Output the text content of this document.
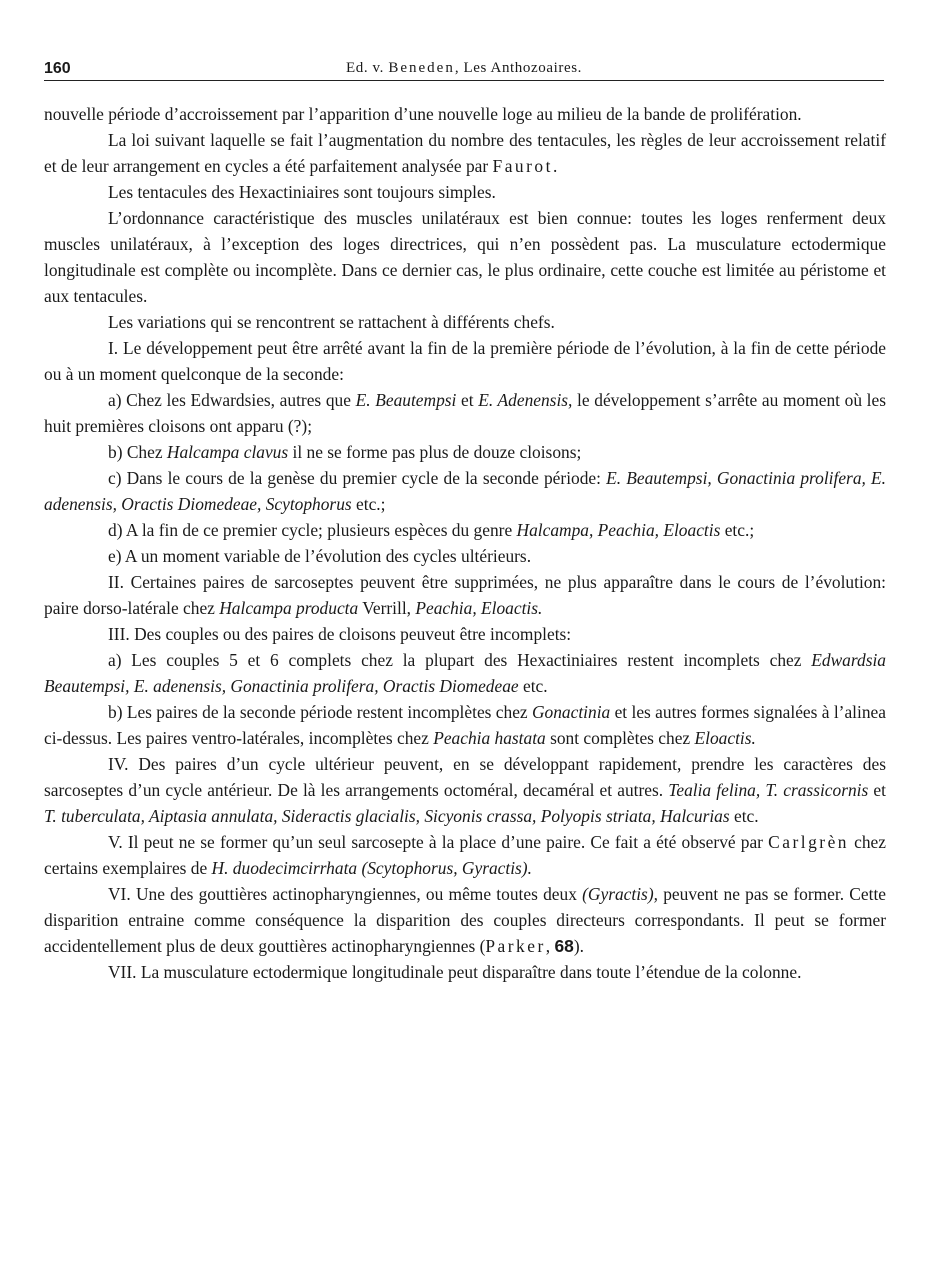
160	Ed. v. Beneden, Les Anthozoaires.

nouvelle période d’accroissement par l’apparition d’une nouvelle loge au milieu de la bande de prolifération.

La loi suivant laquelle se fait l’augmentation du nombre des tentacules, les règles de leur accroissement relatif et de leur arrangement en cycles a été parfaitement analysée par Faurot.

Les tentacules des Hexactiniaires sont toujours simples.

L’ordonnance caractéristique des muscles unilatéraux est bien connue: toutes les loges renferment deux muscles unilatéraux, à l’exception des loges directrices, qui n’en possèdent pas. La musculature ectodermique longitudinale est complète ou incomplète. Dans ce dernier cas, le plus ordinaire, cette couche est limitée au péristome et aux tentacules.

Les variations qui se rencontrent se rattachent à différents chefs.

I. Le développement peut être arrêté avant la fin de la première période de l’évolution, à la fin de cette période ou à un moment quelconque de la seconde:

a) Chez les Edwardsies, autres que E. Beautempsi et E. Adenensis, le développement s’arrête au moment où les huit premières cloisons ont apparu (?);

b) Chez Halcampa clavus il ne se forme pas plus de douze cloisons;

c) Dans le cours de la genèse du premier cycle de la seconde période: E. Beautempsi, Gonactinia prolifera, E. adenensis, Oractis Diomedeae, Scytophorus etc.;

d) A la fin de ce premier cycle; plusieurs espèces du genre Halcampa, Peachia, Eloactis etc.;

e) A un moment variable de l’évolution des cycles ultérieurs.

II. Certaines paires de sarcoseptes peuvent être supprimées, ne plus apparaître dans le cours de l’évolution: paire dorso-latérale chez Halcampa producta Verrill, Peachia, Eloactis.

III. Des couples ou des paires de cloisons peuveut être incomplets:

a) Les couples 5 et 6 complets chez la plupart des Hexactiniaires restent incomplets chez Edwardsia Beautempsi, E. adenensis, Gonactinia prolifera, Oractis Diomedeae etc.

b) Les paires de la seconde période restent incomplètes chez Gonactinia et les autres formes signalées à l’alinea ci-dessus. Les paires ventro-latérales, incomplètes chez Peachia hastata sont complètes chez Eloactis.

IV. Des paires d’un cycle ultérieur peuvent, en se développant rapidement, prendre les caractères des sarcoseptes d’un cycle antérieur. De là les arrangements octoméral, decaméral et autres. Tealia felina, T. crassicornis et T. tuberculata, Aiptasia annulata, Sideractis glacialis, Sicyonis crassa, Polyopis striata, Halcurias etc.

V. Il peut ne se former qu’un seul sarcosepte à la place d’une paire. Ce fait a été observé par Carlgrèn chez certains exemplaires de H. duodecimcirrhata (Scytophorus, Gyractis).

VI. Une des gouttières actinopharyngiennes, ou même toutes deux (Gyractis), peuvent ne pas se former. Cette disparition entraine comme conséquence la disparition des couples directeurs correspondants. Il peut se former accidentellement plus de deux gouttières actinopharyngiennes (Parker, 68).

VII. La musculature ectodermique longitudinale peut disparaître dans toute l’étendue de la colonne.
